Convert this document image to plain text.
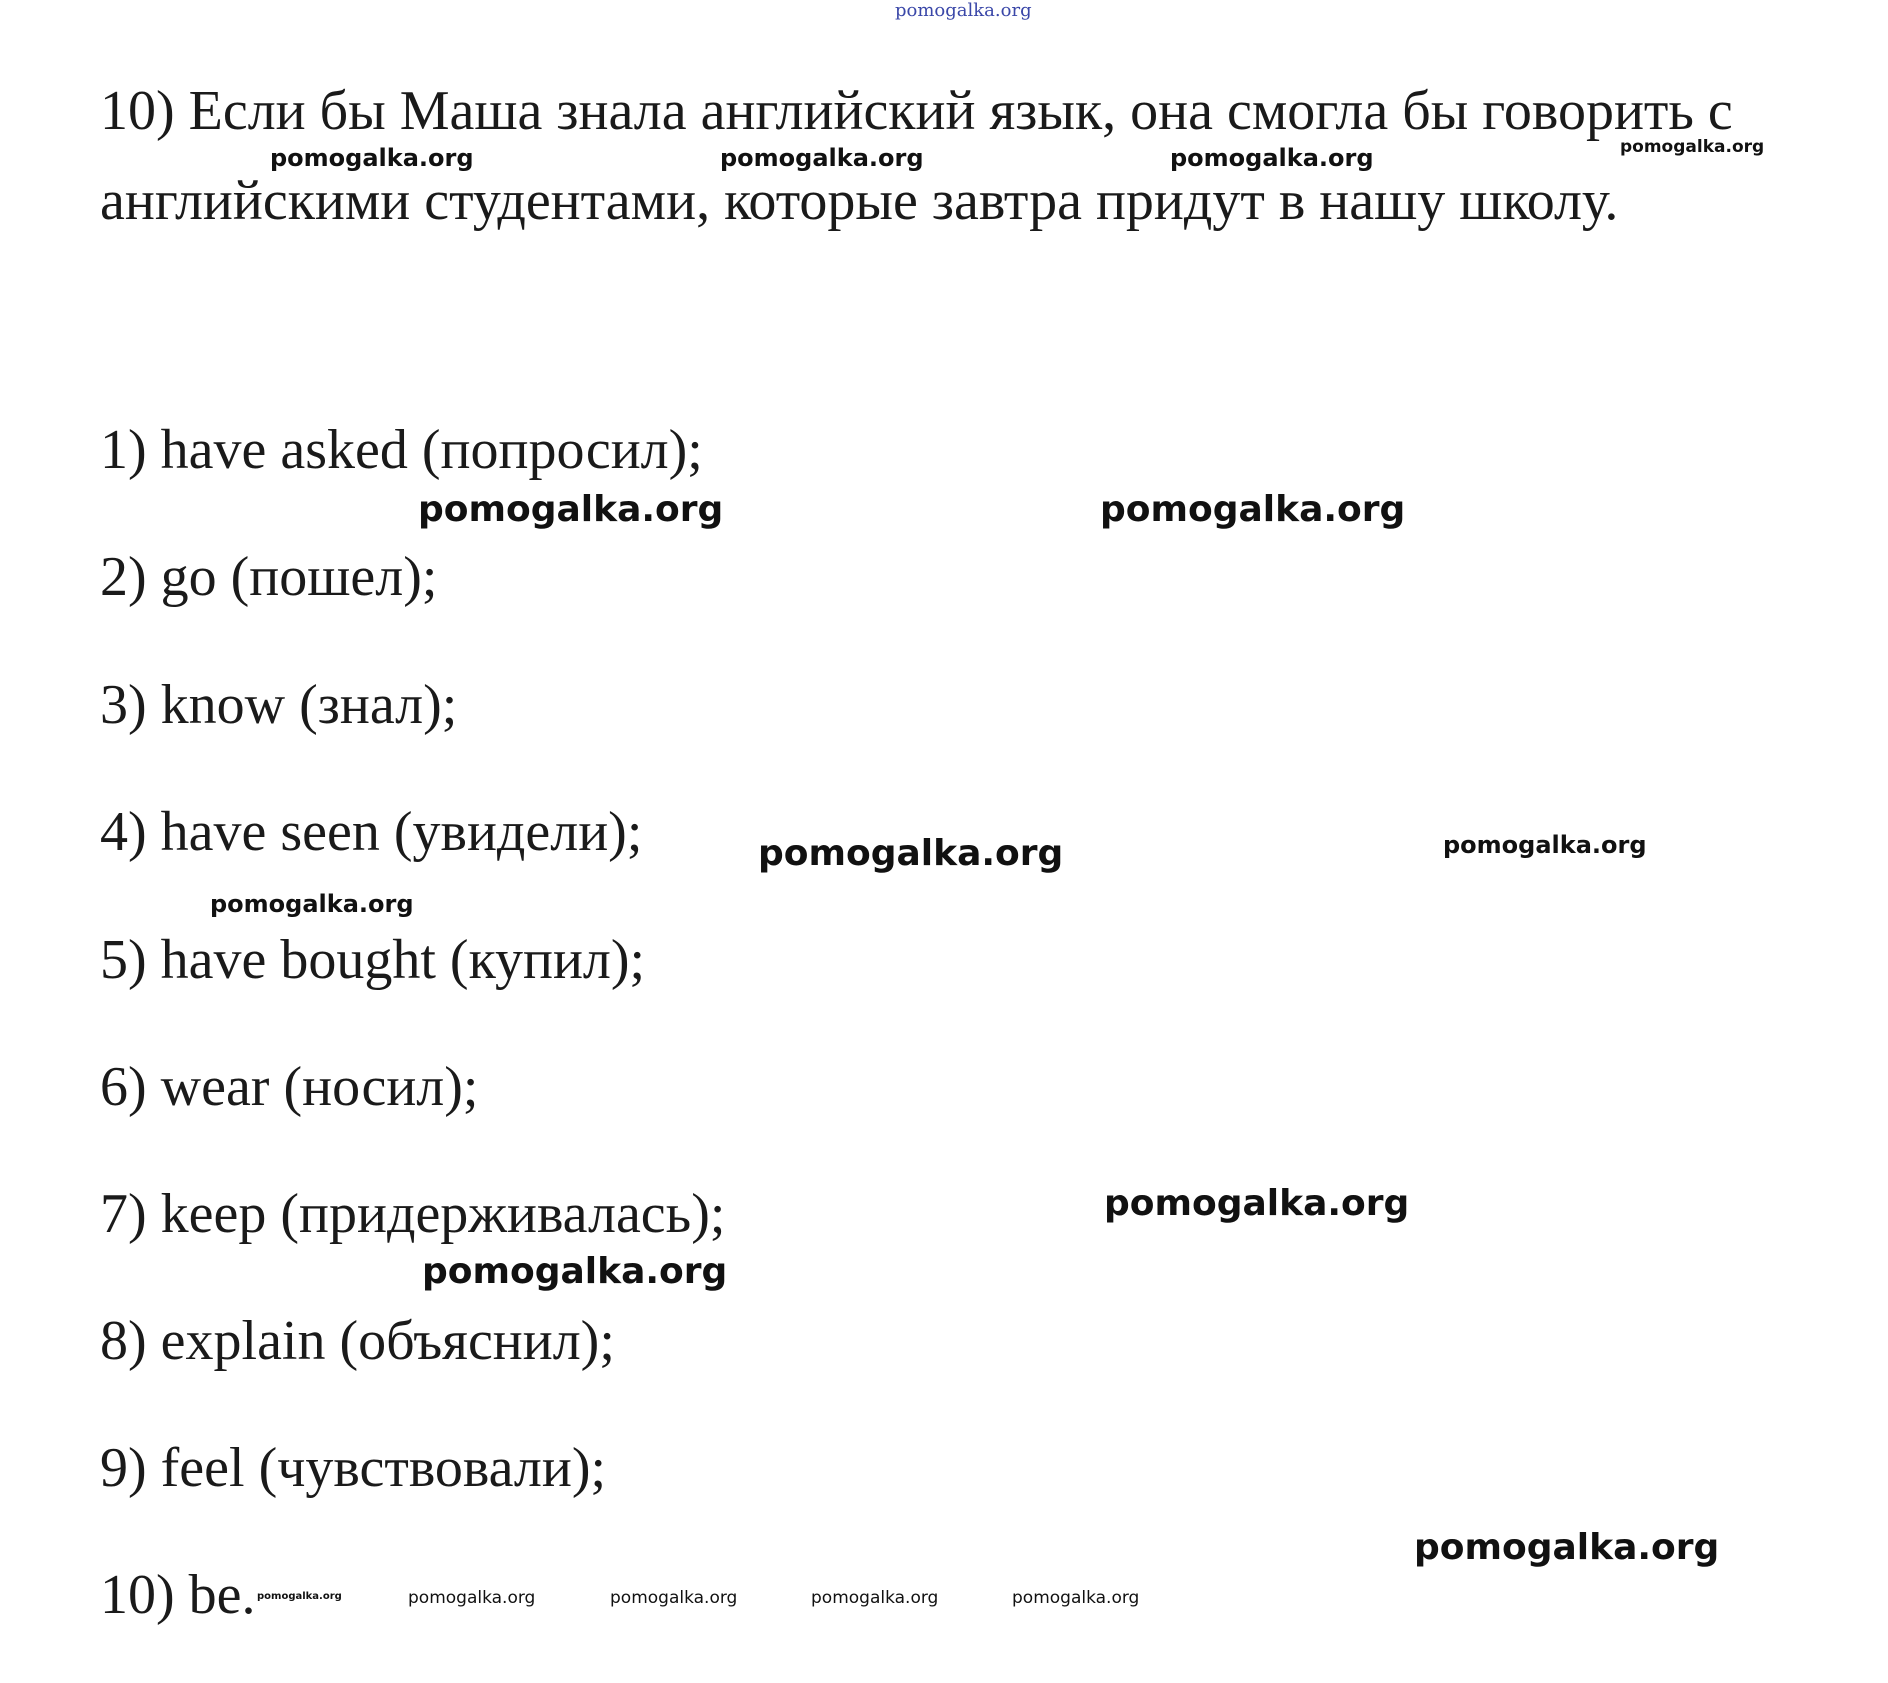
pomogalka.org

10) Если бы Маша знала английский язык, она смогла бы говорить с английскими студентами, которые завтра придут в нашу школу.

1) have asked (попросил);

2) go (пошел);

3) know (знал);

4) have seen (увидели);

5) have bought (купил);

6) wear (носил);

7) keep (придерживалась);

8) explain (объяснил);

9) feel (чувствовали);

10) be.

pomogalka.org	pomogalka.org	pomogalka.org	pomogalka.org
pomogalka.org	pomogalka.org
pomogalka.org	pomogalka.org
pomogalka.org
pomogalka.org
pomogalka.org
pomogalka.org
pomogalka.org	pomogalka.org	pomogalka.org	pomogalka.org	pomogalka.org
